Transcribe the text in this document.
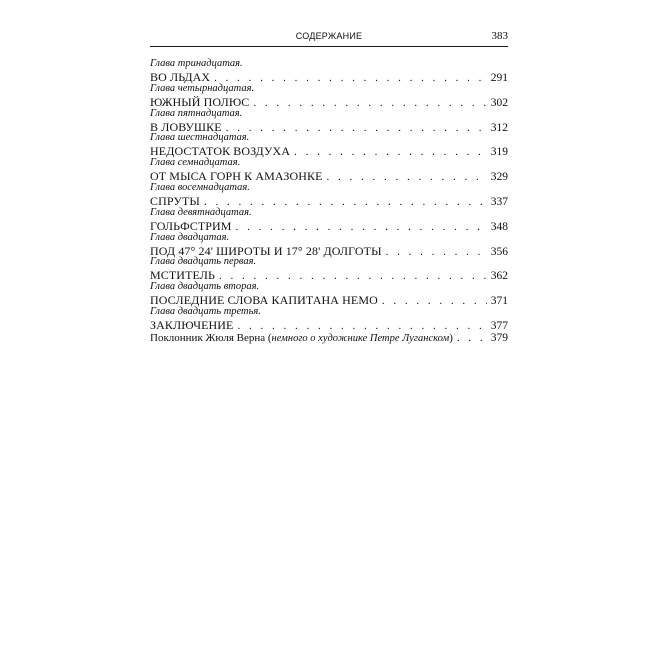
СОДЕРЖАНИЕ	383
Глава тринадцатая.
ВО ЛЬДАХ . . .	291
Глава четырнадцатая.
ЮЖНЫЙ ПОЛЮС . . .	302
Глава пятнадцатая.
В ЛОВУШКЕ . . .	312
Глава шестнадцатая.
НЕДОСТАТОК ВОЗДУХА . . .	319
Глава семнадцатая.
ОТ МЫСА ГОРН К АМАЗОНКЕ . . .	329
Глава восемнадцатая.
СПРУТЫ . . .	337
Глава девятнадцатая.
ГОЛЬФСТРИМ . . .	348
Глава двадцатая.
ПОД 47° 24' ШИРОТЫ И 17° 28' ДОЛГОТЫ . . .	356
Глава двадцать первая.
МСТИТЕЛЬ . . .	362
Глава двадцать вторая.
ПОСЛЕДНИЕ СЛОВА КАПИТАНА НЕМО . . .	371
Глава двадцать третья.
ЗАКЛЮЧЕНИЕ . . .	377
Поклонник Жюля Верна (немного о художнике Петре Луганском) . . .	379
